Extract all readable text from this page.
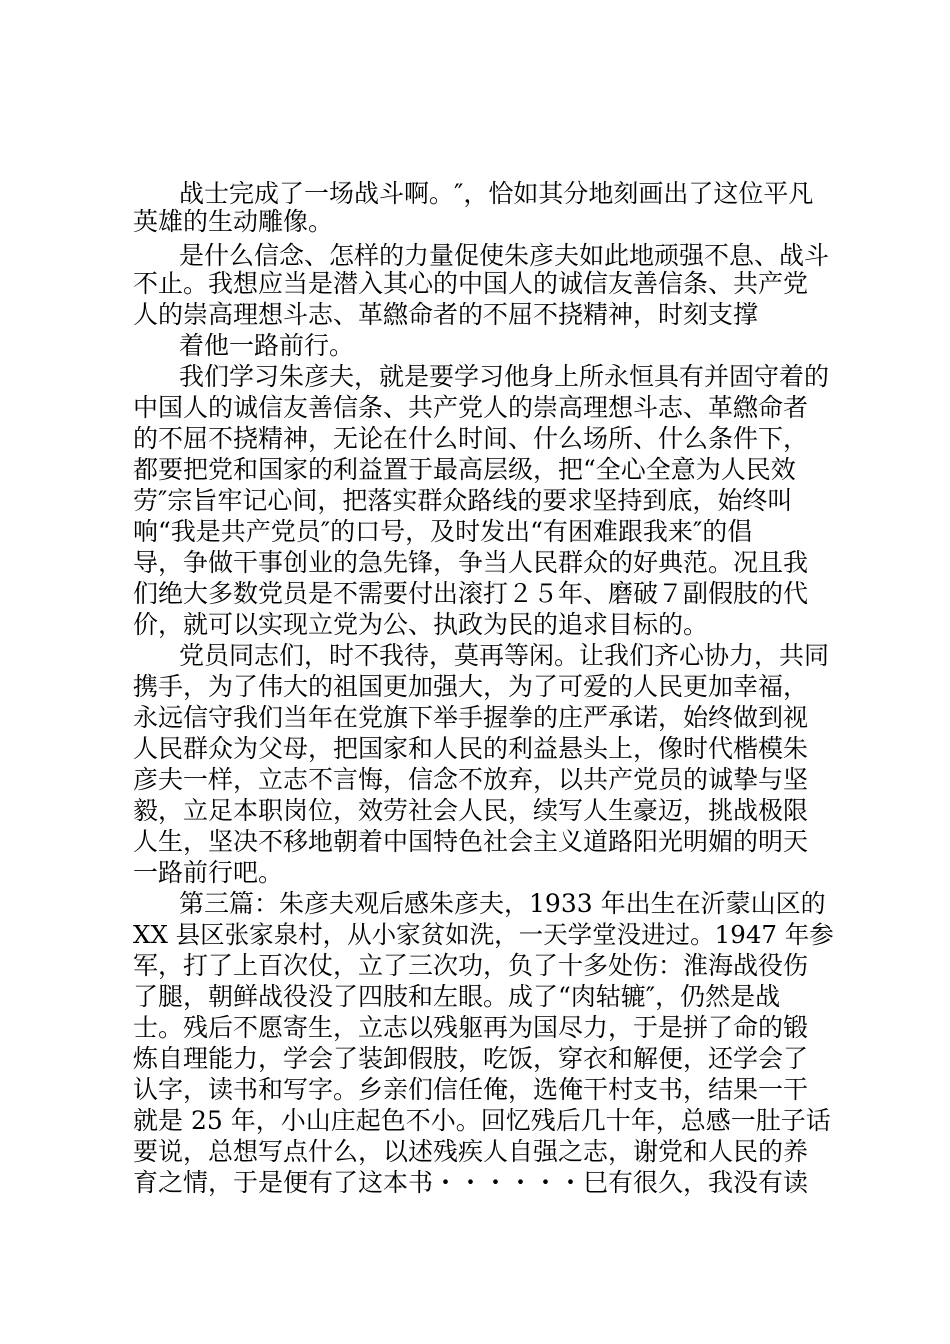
战士完成了一场战斗啊。″，恰如其分地刻画出了这位平凡
英雄的生动雕像。
是什么信念、怎样的力量促使朱彦夫如此地顽强不息、战斗
不止。我想应当是潜入其心的中国人的诚信友善信条、共产党
人的崇高理想斗志、革繺命者的不屈不挠精神，时刻支撑
着他一路前行。
我们学习朱彦夫，就是要学习他身上所永恒具有并固守着的
中国人的诚信友善信条、共产党人的崇高理想斗志、革繺命者
的不屈不挠精神，无论在什么时间、什么场所、什么条件下，
都要把党和国家的利益置于最高层级，把“全心全意为人民效
劳″宗旨牢记心间，把落实群众路线的要求坚持到底，始终叫
响“我是共产党员″的口号，及时发出“有困难跟我来″的倡
导，争做干事创业的急先锋，争当人民群众的好典范。况且我
们绝大多数党员是不需要付出滚打２５年、磨破７副假肢的代
价，就可以实现立党为公、执政为民的追求目标的。
党员同志们，时不我待，莫再等闲。让我们齐心协力，共同
携手，为了伟大的祖国更加强大，为了可爱的人民更加幸福，
永远信守我们当年在党旗下举手握拳的庄严承诺，始终做到视
人民群众为父母，把国家和人民的利益悬头上，像时代楷模朱
彦夫一样，立志不言悔，信念不放弃，以共产党员的诚挚与坚
毅，立足本职岗位，效劳社会人民，续写人生豪迈，挑战极限
人生，坚决不移地朝着中国特色社会主义道路阳光明媚的明天
一路前行吧。
第三篇：朱彦夫观后感朱彦夫，1933 年出生在沂蒙山区的
XX 县区张家泉村，从小家贫如洗，一天学堂没进过。1947 年参
军，打了上百次仗，立了三次功，负了十多处伤：淮海战役伤
了腿，朝鲜战役没了四肢和左眼。成了“肉轱辘″，仍然是战
士。残后不愿寄生，立志以残躯再为国尽力，于是拼了命的锻
炼自理能力，学会了装卸假肢，吃饭，穿衣和解便，还学会了
认字，读书和写字。乡亲们信任俺，选俺干村支书，结果一干
就是 25 年，小山庄起色不小。回忆残后几十年，总感一肚子话
要说，总想写点什么，以述残疾人自强之志，谢党和人民的养
育之情，于是便有了这本书・・・・・・巳有很久，我没有读
